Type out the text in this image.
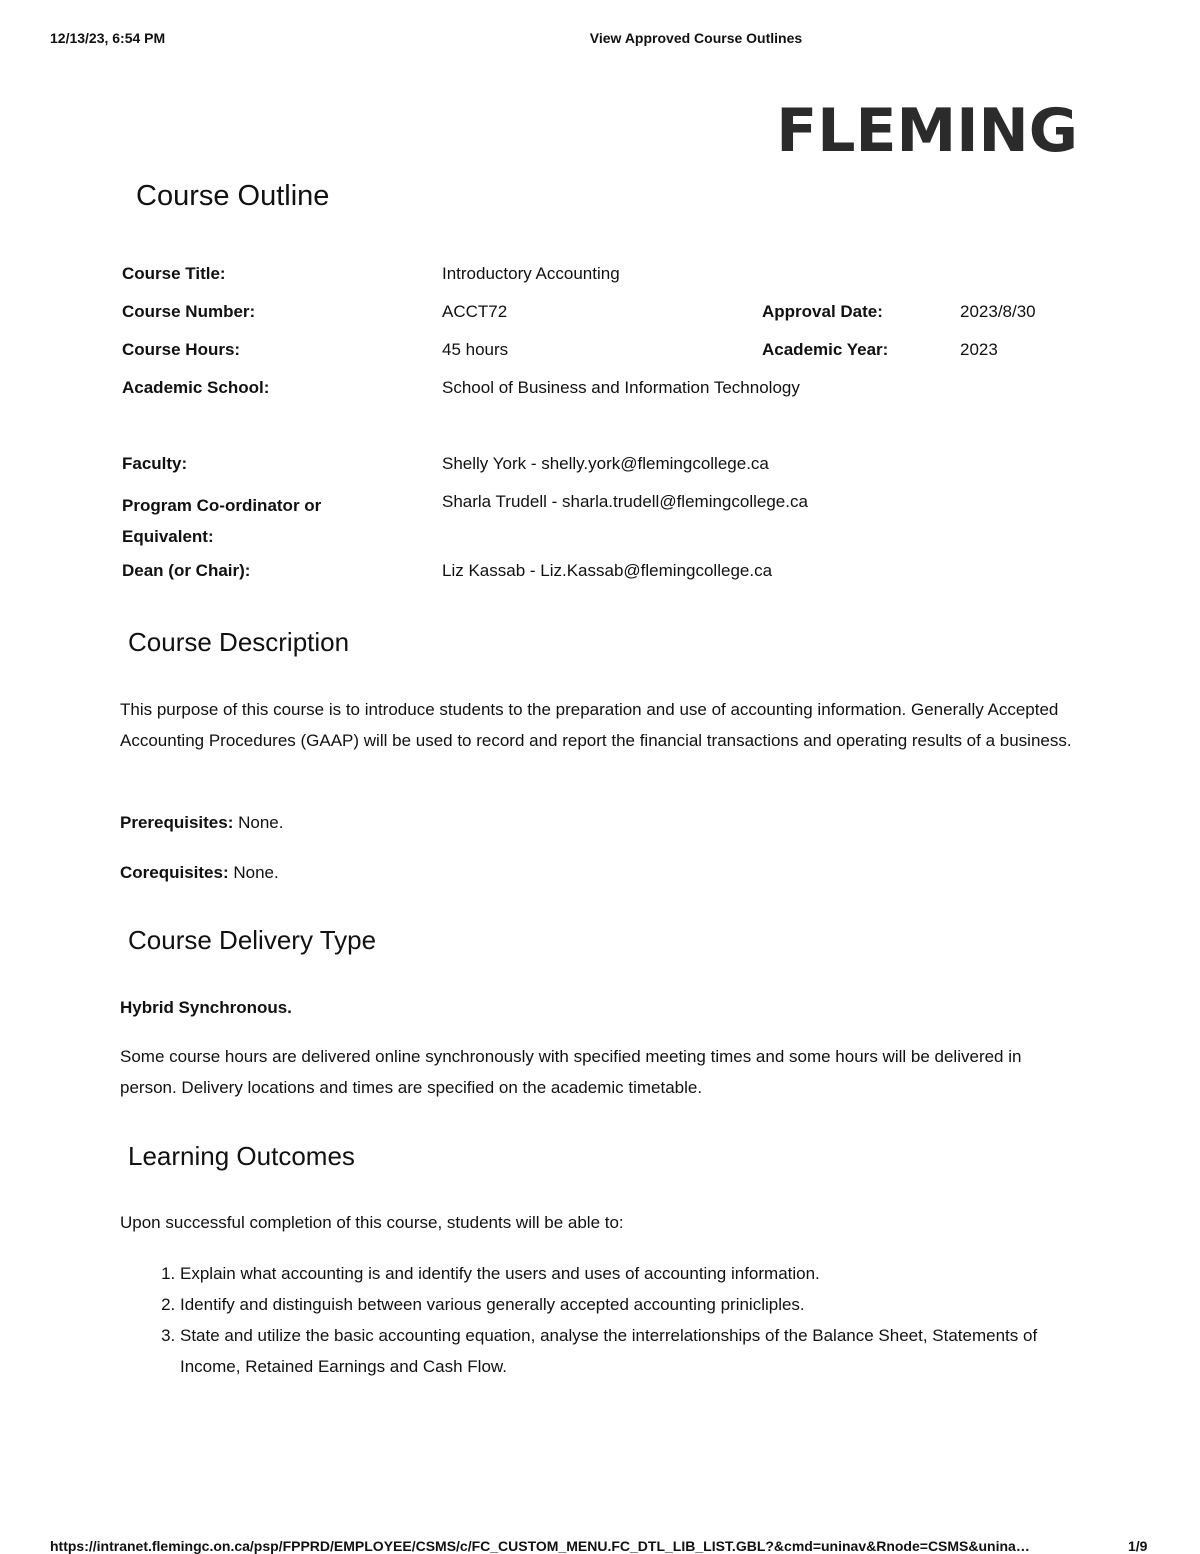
12/13/23, 6:54 PM	View Approved Course Outlines
FLEMING
Course Outline
Course Title:	Introductory Accounting		
Course Number:	ACCT72	Approval Date:	2023/8/30
Course Hours:	45 hours	Academic Year:	2023
Academic School:	School of Business and Information Technology		

Faculty:	Shelly York - shelly.york@flemingcollege.ca		
Program Co-ordinator or Equivalent:	Sharla Trudell - sharla.trudell@flemingcollege.ca		
Dean (or Chair):	Liz Kassab - Liz.Kassab@flemingcollege.ca		
Course Description

This purpose of this course is to introduce students to the preparation and use of accounting information. Generally Accepted Accounting Procedures (GAAP) will be used to record and report the financial transactions and operating results of a business.

Prerequisites: None.
Corequisites: None.
Course Delivery Type
Hybrid Synchronous.

Some course hours are delivered online synchronously with specified meeting times and some hours will be delivered in person. Delivery locations and times are specified on the academic timetable.

Learning Outcomes

Upon successful completion of this course, students will be able to:

1. Explain what accounting is and identify the users and uses of accounting information.
2. Identify and distinguish between various generally accepted accounting prinicliples.
3. State and utilize the basic accounting equation, analyse the interrelationships of the Balance Sheet, Statements of Income, Retained Earnings and Cash Flow.
https://intranet.flemingc.on.ca/psp/FPPRD/EMPLOYEE/CSMS/c/FC_CUSTOM_MENU.FC_DTL_LIB_LIST.GBL?&cmd=uninav&Rnode=CSMS&unina…	1/9
